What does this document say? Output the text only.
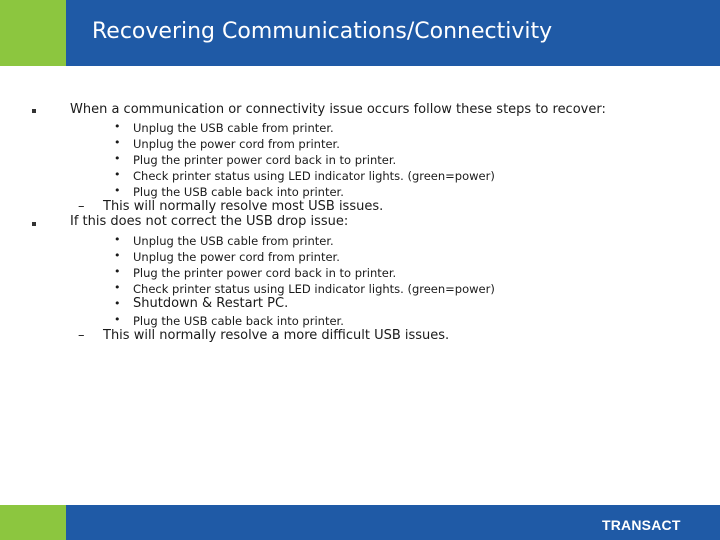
Recovering Communications/Connectivity
When a communication or connectivity issue occurs follow these steps to recover:
• Unplug the USB cable from printer.
• Unplug the power cord from printer.
• Plug the printer power cord back in to printer.
• Check printer status using LED indicator lights. (green=power)
• Plug the USB cable back into printer.
– This will normally resolve most USB issues.
If this does not correct the USB drop issue:
• Unplug the USB cable from printer.
• Unplug the power cord from printer.
• Plug the printer power cord back in to printer.
• Check printer status using LED indicator lights. (green=power)
• Shutdown & Restart PC.
• Plug the USB cable back into printer.
– This will normally resolve a more difficult USB issues.
TRANSACT
